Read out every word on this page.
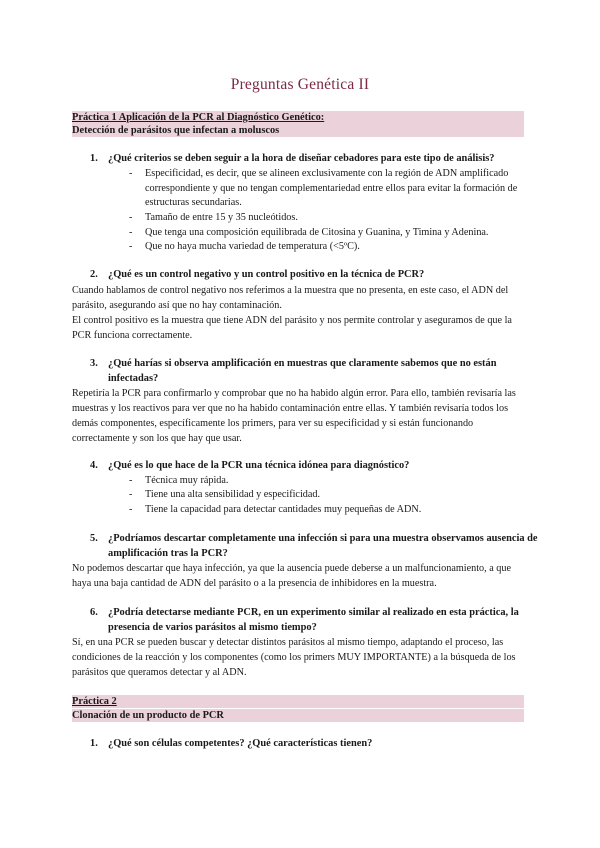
Preguntas Genética II
Práctica 1 Aplicación de la PCR al Diagnóstico Genético:
Detección de parásitos que infectan a moluscos
1. ¿Qué criterios se deben seguir a la hora de diseñar cebadores para este tipo de análisis?
- Especificidad, es decir, que se alineen exclusivamente con la región de ADN amplificado correspondiente y que no tengan complementariedad entre ellos para evitar la formación de estructuras secundarias.
- Tamaño de entre 15 y 35 nucleótidos.
- Que tenga una composición equilibrada de Citosina y Guanina, y Timina y Adenina.
- Que no haya mucha variedad de temperatura (<5ºC).
2. ¿Qué es un control negativo y un control positivo en la técnica de PCR?
Cuando hablamos de control negativo nos referimos a la muestra que no presenta, en este caso, el ADN del parásito, asegurando así que no hay contaminación.
El control positivo es la muestra que tiene ADN del parásito y nos permite controlar y aseguramos de que la PCR funciona correctamente.
3. ¿Qué harías si observa amplificación en muestras que claramente sabemos que no están infectadas?
Repetiría la PCR para confirmarlo y comprobar que no ha habido algún error. Para ello, también revisaría las muestras y los reactivos para ver que no ha habido contaminación entre ellas. Y también revisaría todos los demás componentes, específicamente los primers, para ver su especificidad y si están funcionando correctamente y son los que hay que usar.
4. ¿Qué es lo que hace de la PCR una técnica idónea para diagnóstico?
- Técnica muy rápida.
- Tiene una alta sensibilidad y especificidad.
- Tiene la capacidad para detectar cantidades muy pequeñas de ADN.
5. ¿Podríamos descartar completamente una infección si para una muestra observamos ausencia de amplificación tras la PCR?
No podemos descartar que haya infección, ya que la ausencia puede deberse a un malfuncionamiento, a que haya una baja cantidad de ADN del parásito o a la presencia de inhibidores en la muestra.
6. ¿Podría detectarse mediante PCR, en un experimento similar al realizado en esta práctica, la presencia de varios parásitos al mismo tiempo?
Sí, en una PCR se pueden buscar y detectar distintos parásitos al mismo tiempo, adaptando el proceso, las condiciones de la reacción y los componentes (como los primers MUY IMPORTANTE) a la búsqueda de los parásitos que queramos detectar y al ADN.
Práctica 2
Clonación de un producto de PCR
1. ¿Qué son células competentes? ¿Qué características tienen?
